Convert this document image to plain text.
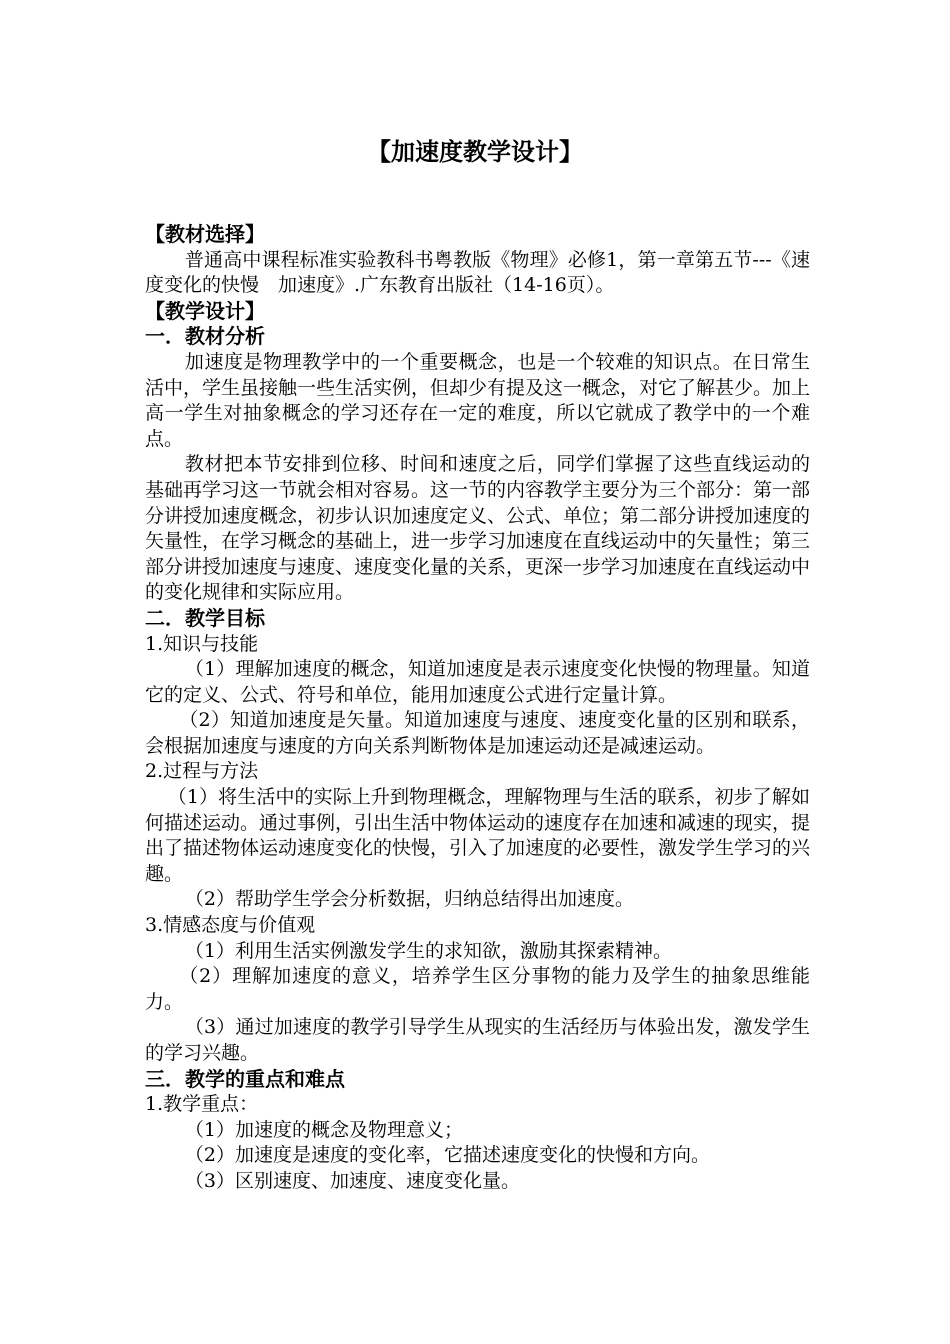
【加速度教学设计】

【教材选择】

普通高中课程标准实验教科书粤教版《物理》必修1，第一章第五节---《速度变化的快慢　加速度》.广东教育出版社（14-16页）。

【教学设计】

一．教材分析

加速度是物理教学中的一个重要概念，也是一个较难的知识点。在日常生活中，学生虽接触一些生活实例，但却少有提及这一概念，对它了解甚少。加上高一学生对抽象概念的学习还存在一定的难度，所以它就成了教学中的一个难点。

教材把本节安排到位移、时间和速度之后，同学们掌握了这些直线运动的基础再学习这一节就会相对容易。这一节的内容教学主要分为三个部分：第一部分讲授加速度概念，初步认识加速度定义、公式、单位；第二部分讲授加速度的矢量性，在学习概念的基础上，进一步学习加速度在直线运动中的矢量性；第三部分讲授加速度与速度、速度变化量的关系，更深一步学习加速度在直线运动中的变化规律和实际应用。

二．教学目标

1.知识与技能

（1）理解加速度的概念，知道加速度是表示速度变化快慢的物理量。知道它的定义、公式、符号和单位，能用加速度公式进行定量计算。

（2）知道加速度是矢量。知道加速度与速度、速度变化量的区别和联系，会根据加速度与速度的方向关系判断物体是加速运动还是减速运动。

2.过程与方法

（1）将生活中的实际上升到物理概念，理解物理与生活的联系，初步了解如何描述运动。通过事例，引出生活中物体运动的速度存在加速和减速的现实，提出了描述物体运动速度变化的快慢，引入了加速度的必要性，激发学生学习的兴趣。

（2）帮助学生学会分析数据，归纳总结得出加速度。

3.情感态度与价值观

（1）利用生活实例激发学生的求知欲，激励其探索精神。

（2）理解加速度的意义，培养学生区分事物的能力及学生的抽象思维能力。

（3）通过加速度的教学引导学生从现实的生活经历与体验出发，激发学生的学习兴趣。

三．教学的重点和难点

1.教学重点：

（1）加速度的概念及物理意义；

（2）加速度是速度的变化率，它描述速度变化的快慢和方向。

（3）区别速度、加速度、速度变化量。
